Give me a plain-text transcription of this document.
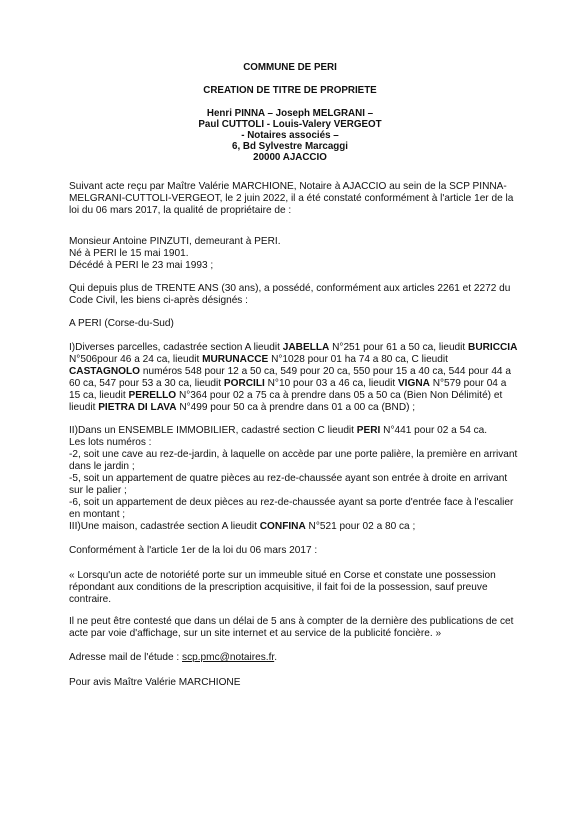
COMMUNE DE PERI

CREATION DE TITRE DE PROPRIETE

Henri PINNA – Joseph MELGRANI –

Paul CUTTOLI - Louis-Valery VERGEOT

- Notaires associés –

6, Bd Sylvestre Marcaggi

20000 AJACCIO

Suivant acte reçu par Maître Valérie MARCHIONE, Notaire à AJACCIO au sein de la SCP PINNA-MELGRANI-CUTTOLI-VERGEOT, le 2 juin 2022, il a été constaté conformément à l'article 1er de la loi du 06 mars 2017, la qualité de propriétaire de :

Monsieur Antoine PINZUTI, demeurant à PERI.

Né à PERI le 15 mai 1901.

Décédé à PERI le 23 mai 1993 ;

Qui depuis plus de TRENTE ANS (30 ans), a possédé, conformément aux articles 2261 et 2272 du Code Civil, les biens ci-après désignés :

A PERI (Corse-du-Sud)

I)Diverses parcelles, cadastrée section A lieudit JABELLA N°251 pour 61 a 50 ca, lieudit BURICCIA N°506pour 46 a 24 ca, lieudit MURUNACCE N°1028 pour 01 ha 74 a 80 ca, C lieudit CASTAGNOLO numéros 548 pour 12 a 50 ca, 549 pour 20 ca, 550 pour 15 a 40 ca, 544 pour 44 a 60 ca, 547 pour 53 a 30 ca, lieudit PORCILI N°10 pour 03 a 46 ca, lieudit VIGNA N°579 pour 04 a 15 ca, lieudit PERELLO N°364 pour 02 a 75 ca à prendre dans 05 a 50 ca (Bien Non Délimité) et lieudit PIETRA DI LAVA N°499 pour 50 ca à prendre dans 01 a 00 ca (BND) ;

II)Dans un ENSEMBLE IMMOBILIER, cadastré section C lieudit PERI N°441 pour 02 a 54 ca.

Les lots numéros :

-2, soit une cave au rez-de-jardin, à laquelle on accède par une porte palière, la première en arrivant dans le jardin ;

-5, soit un appartement de quatre pièces au rez-de-chaussée ayant son entrée à droite en arrivant sur le palier ;

-6, soit un appartement de deux pièces au rez-de-chaussée ayant sa porte d'entrée face à l'escalier en montant ;

III)Une maison, cadastrée section A lieudit CONFINA N°521 pour 02 a 80 ca ;

Conformément à l'article 1er de la loi du 06 mars 2017 :

« Lorsqu'un acte de notoriété porte sur un immeuble situé en Corse et constate une possession répondant aux conditions de la prescription acquisitive, il fait foi de la possession, sauf preuve contraire.

Il ne peut être contesté que dans un délai de 5 ans à compter de la dernière des publications de cet acte par voie d'affichage, sur un site internet et au service de la publicité foncière. »

Adresse mail de l'étude : scp.pmc@notaires.fr.

Pour avis Maître Valérie MARCHIONE
